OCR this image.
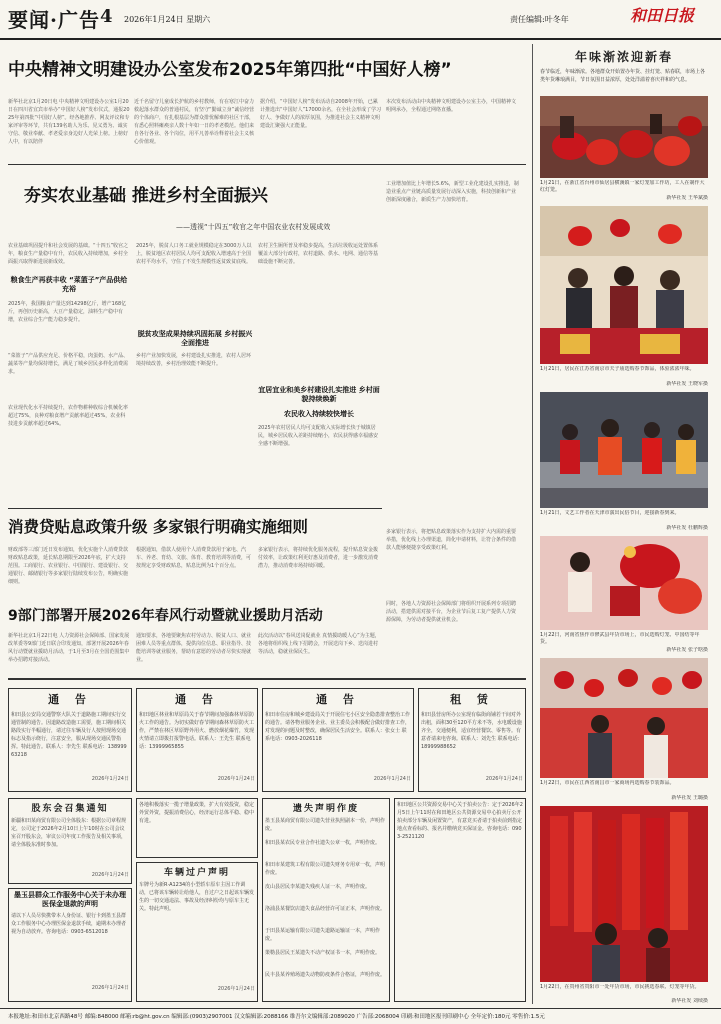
要闻·广告 4 2026年1月24日 星期六	责任编辑:叶冬年	和田日报
中央精神文明建设办公室发布2025年第四批“中国好人榜”
新华社北京1月20日电 中央精神文明建设办公室1月20日在四川省宜宾市举办“中国好人榜”发布仪式，通报2025年第四批“中国好人榜”。经各地推荐、网友评议和专家评审等环节，共有139名助人为乐、见义勇为、诚实守信、敬业奉献、孝老爱亲身边好人光荣上榜。上榜好人中，有以陪伴
近千名留守儿童成长护航的乡村教师，有在寒江中奋力救起落水群众的普通村民，有坚守“勤诚立身”诚信经营的个体商户，有扎根基层为群众排忧解难的社区干部，有悉心照料瘫痪亲人数十年如一日的孝老模范。他们来自各行各业、各个岗位，用平凡善举诠释着社会主义核心价值观。
据介绍，“中国好人榜”发布活动自2008年开始，已累计推选出“中国好人”17000余名，在全社会形成了学习好人、争做好人的浓厚氛围，为推进社会主义精神文明建设汇聚强大正能量。
本次发布活动由中央精神文明建设办公室主办，中国精神文明网承办，全程通过网络直播。
工业增加值比上年增长5.6%，新型工业化建设扎实推进，制造业重点产业链高质量发展行动深入实施，科技创新和产业创新深度融合，新质生产力加快培育。
夯实农业基础 推进乡村全面振兴
——透视“十四五”收官之年中国农业农村发展成效
农业基础巩固提升和社会发展的基础。“十四五”收官之年，粮食生产量稳中有升，农民收入持续增加，乡村全面振兴取得新进展新成效。
粮食生产再获丰收 “菜篮子”产品供给充裕
2025年，我国粮食产量达到14298亿斤，增产168亿斤，再创历史新高，大豆产量稳定，油料生产稳中有增，农业综合生产能力稳步提升。
“菜篮子”产品供应充足、价格平稳，肉蛋奶、水产品、蔬菜等产量均保持增长，满足了城乡居民多样化消费需求。
农业现代化水平持续提升，农作物耕种收综合机械化率超过75%，良种对粮食增产贡献率超过45%，农业科技进步贡献率超过64%。
脱贫攻坚成果持续巩固拓展 乡村振兴全面推进
2025年，脱贫人口务工就业规模稳定在3000万人以上，脱贫地区农村居民人均可支配收入增速高于全国农村平均水平，守住了不发生规模性返贫致贫底线。
乡村产业加快发展，乡村建设扎实推进，农村人居环境持续改善，乡村治理效能不断提升。
农村卫生厕所普及率稳步提高，生活垃圾收运处置体系覆盖大部分行政村，农村道路、供水、电网、通信等基础设施不断完善。
宜居宜业和美乡村建设扎实推进 乡村面貌持续焕新
农民收入持续较快增长
2025年农村居民人均可支配收入实际增长快于城镇居民，城乡居民收入差距持续缩小，农民获得感幸福感安全感不断增强。
消费贷贴息政策升级 多家银行明确实施细则
财政部等三部门近日发布通知，优化实施个人消费贷款财政贴息政策，延长贴息期限至2026年底，扩大支持范围。工商银行、农业银行、中国银行、建设银行、交通银行、邮储银行等多家银行陆续发布公告，明确实施细则。
根据通知，借款人使用个人消费贷款用于家电、汽车、养老、育幼、文旅、体育、教育培训等消费，可按规定享受财政贴息，贴息比例为1个百分点。
多家银行表示，将持续优化服务流程，提升贴息资金拨付效率，让政策红利更好惠及消费者，进一步激发消费潜力，推动消费市场持续回暖。
多家银行表示，将把贴息政策落实作为支持扩大内需的重要举措，优化线上办理渠道，简化申请材料，让符合条件的借款人能够便捷享受政策红利。
9部门部署开展2026年春风行动暨就业援助月活动
新华社北京1月22日电 人力资源社会保障部、国家发展改革委等9部门近日联合印发通知，部署开展2026年春风行动暨就业援助月活动，于1月至3月在全国范围集中举办招聘对接活动。
通知要求，各地要聚焦农村劳动力、脱贫人口、就业困难人员等重点群体，提供岗位信息、职业指导、技能培训等就业服务，帮助有意愿的劳动者尽快实现就业。
此次活动以“春风送岗促就业 真情援助暖人心”为主题，各地将组织线上线下招聘会，开展送岗下乡、送岗进村等活动，稳就业保民生。
同时，各地人力资源社会保障部门将组织开展系列专项招聘活动，搭建供需对接平台，为企业节后复工复产提供人力资源保障，为劳动者提供就业机会。
通 告
和田县公安局交通警察大队关于道路施工期间实行交通管制的通告。因道路改造施工需要，施工期间相关路段实行半幅通行，请过往车辆及行人按照现场交通标志及指示绕行，注意安全，服从现场交通民警指挥。特此通告。联系人：李先生 联系电话：13899963218
2026年1月24日
通 告
和田地区林业和草原局关于春节期间加强森林草原防火工作的通告。为切实做好春节期间森林草原防火工作，严禁在林区草原野外用火、燃放烟花爆竹，发现火情请立即拨打报警电话。联系人：王先生 联系电话：13999965855
2026年1月24日
通 告
和田市住房和城乡建设局关于开展住宅小区安全隐患排查整治工作的通告。请各物业服务企业、业主委员会积极配合做好排查工作，对发现的问题及时整改，确保居民生活安全。联系人：张女士 联系电话：0903-2026118
2026年1月24日
租 赁
和田县营房所办公室现有临街商铺若干间对外出租，面积30至120平方米不等，水电暖设施齐全，交通便利，适宜经营餐饮、零售等。有意者请来电咨询。联系人：刘先生 联系电话：18999988652
2026年1月24日
股东会召集通知
新疆和田某商贸有限公司全体股东：根据公司章程规定，公司定于2026年2月10日上午10时在公司会议室召开股东会，审议公司年度工作报告及相关事项，请全体股东准时参加。
2026年1月24日
墨玉县群众工作服务中心关于未办理医保金退款的声明
请以下人员尽快携带本人身份证、银行卡到墨玉县群众工作服务中心办理医保金退款手续，逾期未办理者视为自动放弃。咨询电话：0903-6512018
2026年1月24日
各地积极落实一揽子增量政策，扩大有效投资，稳定外贸外资，提振消费信心，经济运行总体平稳、稳中有进。
车辆过户声明
车牌号为新R·A1234的小型轿车原车主因工作调动，已将该车辆转让给他人，自过户之日起该车辆发生的一切交通违法、事故及经济纠纷均与原车主无关。特此声明。
2026年1月24日
遗失声明作废
墨玉县某商贸有限公司遗失营业执照副本一份，声明作废。
和田县某农民专业合作社遗失公章一枚，声明作废。
和田市某建筑工程有限公司遗失财务专用章一枚，声明作废。
皮山县居民李某遗失残疾人证一本，声明作废。
洛浦县某餐饮店遗失食品经营许可证正本，声明作废。
于田县某运输有限公司遗失道路运输证一本，声明作废。
策勒县居民王某遗失不动产权证书一本，声明作废。
民丰县某养殖场遗失动物防疫条件合格证，声明作废。
和田地区公共资源交易中心关于拍卖公告：定于2026年2月5日上午11时在和田地区公共资源交易中心拍卖厅公开拍卖部分车辆及闲置资产，有意竞买者请于拍卖前到指定地点查看标的、报名并缴纳竞买保证金。咨询电话：0903-2521120
年味渐浓迎新春
春节临近，年味渐浓。各地群众开始置办年货、挂灯笼、贴春联，市场上各类年货琳琅满目，节日氛围日益浓厚，处处洋溢着喜庆祥和的气息。
1月21日，在浙江省台州市仙居县横溪镇一家灯笼加工作坊，工人在制作大红灯笼。
新华社发 王华斌摄
1月21日，居民在江苏省南京市夫子庙选购春节饰品，体验浓浓年味。
新华社发 王晓军摄
1月21日，文艺工作者在天津市演出民俗节目，迎接新春到来。
新华社发 杜鹏辉摄
1月22日，河南省焦作市修武县年货市场上，市民选购灯笼、中国结等年货。
新华社发 张子晗摄
1月22日，市民在江西省南昌市一家商场内选购春节装饰品。
新华社发 王璐摄
1月22日，在贵州省贵阳市一处年货市场，市民挑选春联、灯笼等年货。
新华社发 刘续摄
本报地址:和田市北京西路48号 邮编:848000 邮箱:rb@ht.gov.cn 编辑部:(0903)2907001 汉文编辑部:2088166 维吾尔文编辑部:2089020 广告部:2068004 印刷:和田地区报刊印刷中心 全年定价:180元 零售价:1.5元
